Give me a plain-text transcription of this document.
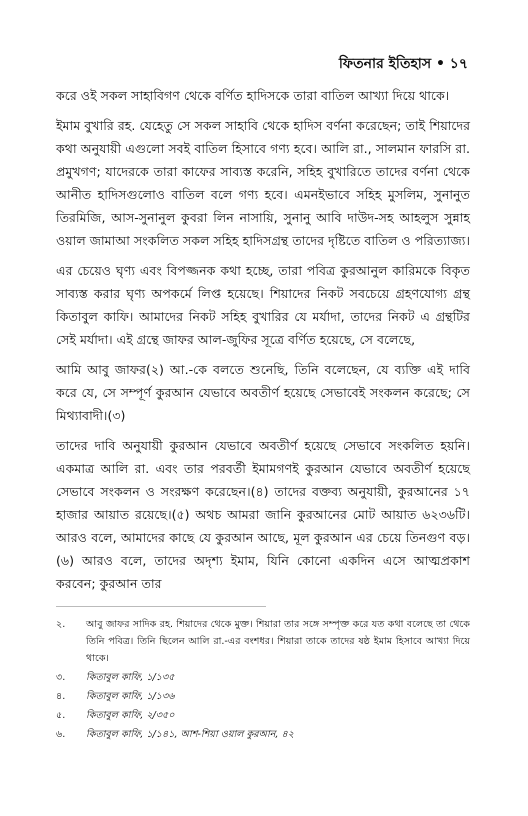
ফিতনার ইতিহাস • ১৭

করে ওই সকল সাহাবিগণ থেকে বর্ণিত হাদিসকে তারা বাতিল আখ্যা দিয়ে থাকে।

ইমাম বুখারি রহ. যেহেতু সে সকল সাহাবি থেকে হাদিস বর্ণনা করেছেন; তাই শিয়াদের কথা অনুযায়ী এগুলো সবই বাতিল হিসাবে গণ্য হবে। আলি রা., সালমান ফারসি রা. প্রমুখগণ; যাদেরকে তারা কাফের সাব্যস্ত করেনি, সহিহ বুখারিতে তাদের বর্ণনা থেকে আনীত হাদিসগুলোও বাতিল বলে গণ্য হবে। এমনইভাবে সহিহ মুসলিম, সুনানুত তিরমিজি, আস-সুনানুল কুবরা লিন নাসায়ি, সুনানু আবি দাউদ-সহ আহলুস সুন্নাহ ওয়াল জামাআ সংকলিত সকল সহিহ হাদিসগ্রন্থ তাদের দৃষ্টিতে বাতিল ও পরিত্যাজ্য।

এর চেয়েও ঘৃণ্য এবং বিপজ্জনক কথা হচ্ছে, তারা পবিত্র কুরআনুল কারিমকে বিকৃত সাব্যস্ত করার ঘৃণ্য অপকর্মে লিপ্ত হয়েছে। শিয়াদের নিকট সবচেয়ে গ্রহণযোগ্য গ্রন্থ কিতাবুল কাফি। আমাদের নিকট সহিহ বুখারির যে মর্যাদা, তাদের নিকট এ গ্রন্থটির সেই মর্যাদা। এই গ্রন্থে জাফর আল-জুফির সূত্রে বর্ণিত হয়েছে, সে বলেছে,

আমি আবু জাফর(২) আ.-কে বলতে শুনেছি, তিনি বলেছেন, যে ব্যক্তি এই দাবি করে যে, সে সম্পূর্ণ কুরআন যেভাবে অবতীর্ণ হয়েছে সেভাবেই সংকলন করেছে; সে মিথ্যাবাদী।(৩)

তাদের দাবি অনুযায়ী কুরআন যেভাবে অবতীর্ণ হয়েছে সেভাবে সংকলিত হয়নি। একমাত্র আলি রা. এবং তার পরবর্তী ইমামগণই কুরআন যেভাবে অবতীর্ণ হয়েছে সেভাবে সংকলন ও সংরক্ষণ করেছেন।(৪) তাদের বক্তব্য অনুযায়ী, কুরআনের ১৭ হাজার আয়াত রয়েছে।(৫) অথচ আমরা জানি কুরআনের মোট আয়াত ৬২৩৬টি। আরও বলে, আমাদের কাছে যে কুরআন আছে, মূল কুরআন এর চেয়ে তিনগুণ বড়।(৬) আরও বলে, তাদের অদৃশ্য ইমাম, যিনি কোনো একদিন এসে আত্মপ্রকাশ করবেন; কুরআন তার

২.	আবু জাফর সাদিক রহ. শিয়াদের থেকে মুক্ত। শিয়ারা তার সঙ্গে সম্পৃক্ত করে যত কথা বলেছে তা থেকে তিনি পবিত্র। তিনি ছিলেন আলি রা.-এর বংশধর। শিয়ারা তাকে তাদের ষষ্ঠ ইমাম হিসাবে আখ্যা দিয়ে থাকে।
৩.	কিতাবুল কাফি, ১/১৩৫
৪.	কিতাবুল কাফি, ১/১৩৬
৫.	কিতাবুল কাফি, ২/৩৫০
৬.	কিতাবুল কাফি, ১/১৪১, আশ-শিয়া ওয়াল কুরআন, ৪২
